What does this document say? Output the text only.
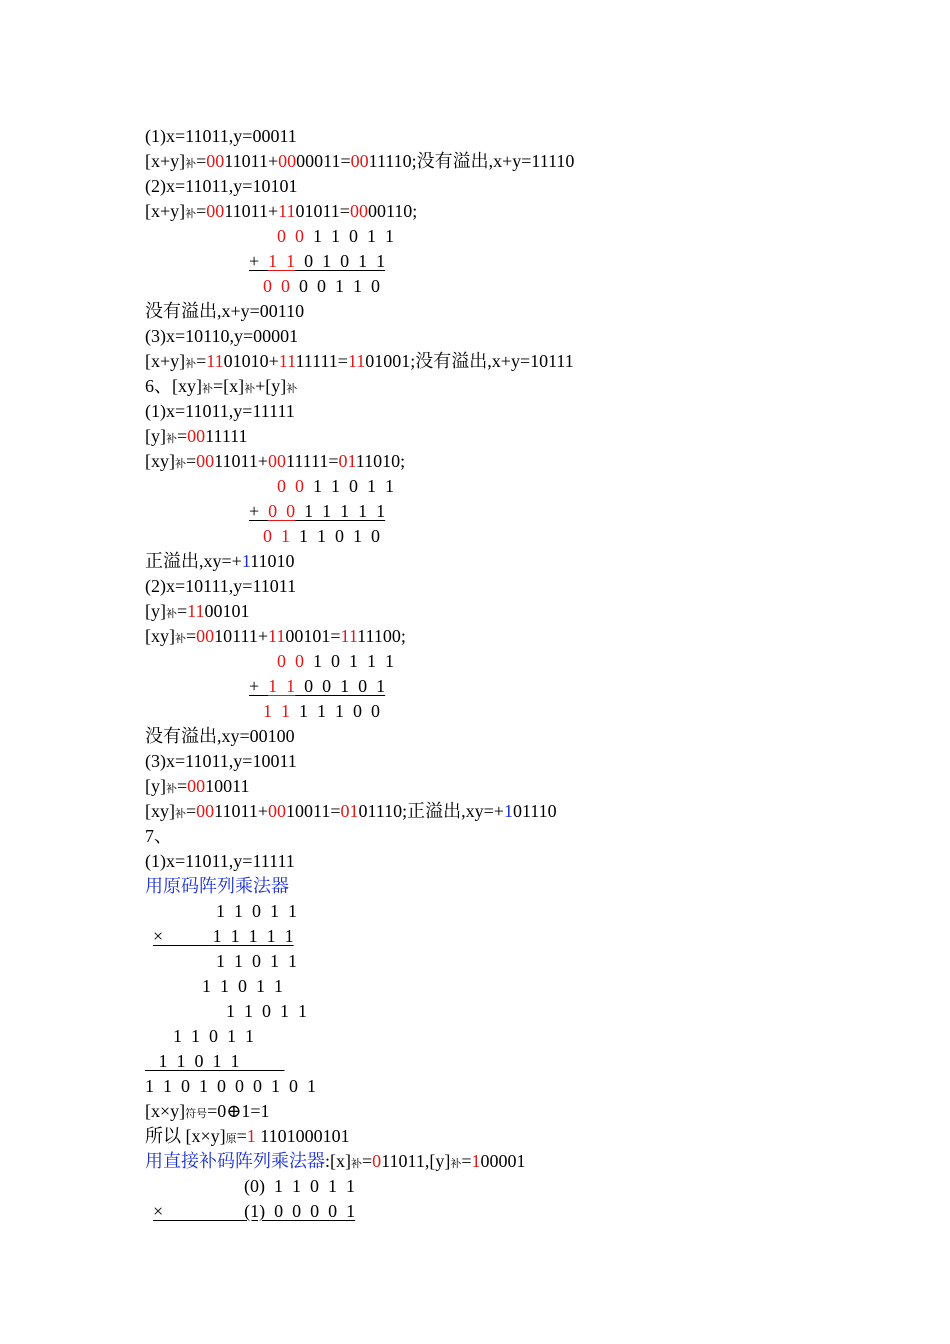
(1)x=11011,y=00011
[x+y]补=0011011+0000011=0011110;没有溢出,x+y=11110
(2)x=11011,y=10101
[x+y]补=0011011+1101011=0000110;
0  0  1  1  0  1  1
+  1  1  0  1  0  1  1
0  0  0  0  1  1  0
没有溢出,x+y=00110
(3)x=10110,y=00001
[x+y]补=1101010+1111111=1101001;没有溢出,x+y=10111
6、[xy]补=[x]补+[y]补
(1)x=11011,y=11111
[y]补=0011111
[xy]补=0011011+0011111=0111010;
0  0  1  1  0  1  1
+  0  0  1  1  1  1  1
0  1  1  1  0  1  0
正溢出,xy=+111010
(2)x=10111,y=11011
[y]补=1100101
[xy]补=0010111+1100101=1111100;
0  0  1  0  1  1  1
+  1  1  0  0  1  0  1
1  1  1  1  1  0  0
没有溢出,xy=00100
(3)x=11011,y=10011
[y]补=0010011
[xy]补=0011011+0010011=0101110;正溢出,xy=+101110
7、
(1)x=11011,y=11111
用原码阵列乘法器
1  1  0  1  1
×           1  1  1  1  1
1  1  0  1  1
1  1  0  1  1
1  1  0  1  1
1  1  0  1  1
1  1  0  1  1
1  1  0  1  0  0  0  1  0  1
[x×y]符号=0⊕1=1
所以 [x×y]原=1 1101000101
用直接补码阵列乘法器:[x]补=011011,[y]补=100001
(0)  1  1  0  1  1
×                  (1)  0  0  0  0  1
